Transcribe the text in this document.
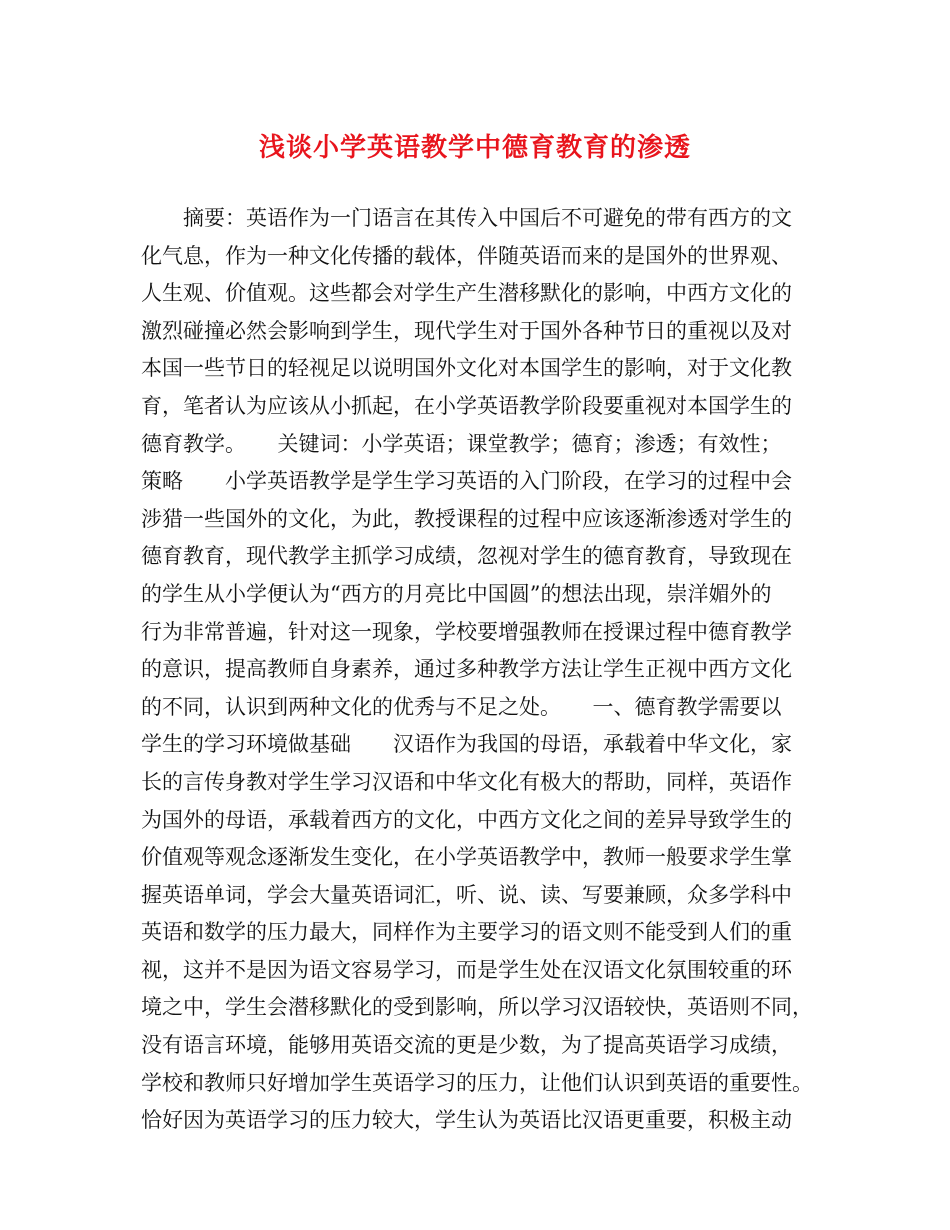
浅谈小学英语教学中德育教育的渗透
　　摘要：英语作为一门语言在其传入中国后不可避免的带有西方的文
化气息，作为一种文化传播的载体，伴随英语而来的是国外的世界观、
人生观、价值观。这些都会对学生产生潜移默化的影响，中西方文化的
激烈碰撞必然会影响到学生，现代学生对于国外各种节日的重视以及对
本国一些节日的轻视足以说明国外文化对本国学生的影响，对于文化教
育，笔者认为应该从小抓起，在小学英语教学阶段要重视对本国学生的
德育教学。　　关键词：小学英语；课堂教学；德育；渗透；有效性；
策略　　小学英语教学是学生学习英语的入门阶段，在学习的过程中会
涉猎一些国外的文化，为此，教授课程的过程中应该逐渐渗透对学生的
德育教育，现代教学主抓学习成绩，忽视对学生的德育教育，导致现在
的学生从小学便认为“西方的月亮比中国圆”的想法出现，崇洋媚外的
行为非常普遍，针对这一现象，学校要增强教师在授课过程中德育教学
的意识，提高教师自身素养，通过多种教学方法让学生正视中西方文化
的不同，认识到两种文化的优秀与不足之处。　　一、德育教学需要以
学生的学习环境做基础　　汉语作为我国的母语，承载着中华文化，家
长的言传身教对学生学习汉语和中华文化有极大的帮助，同样，英语作
为国外的母语，承载着西方的文化，中西方文化之间的差异导致学生的
价值观等观念逐渐发生变化，在小学英语教学中，教师一般要求学生掌
握英语单词，学会大量英语词汇，听、说、读、写要兼顾，众多学科中
英语和数学的压力最大，同样作为主要学习的语文则不能受到人们的重
视，这并不是因为语文容易学习，而是学生处在汉语文化氛围较重的环
境之中，学生会潜移默化的受到影响，所以学习汉语较快，英语则不同，
没有语言环境，能够用英语交流的更是少数，为了提高英语学习成绩，
学校和教师只好增加学生英语学习的压力，让他们认识到英语的重要性。
恰好因为英语学习的压力较大，学生认为英语比汉语更重要，积极主动
